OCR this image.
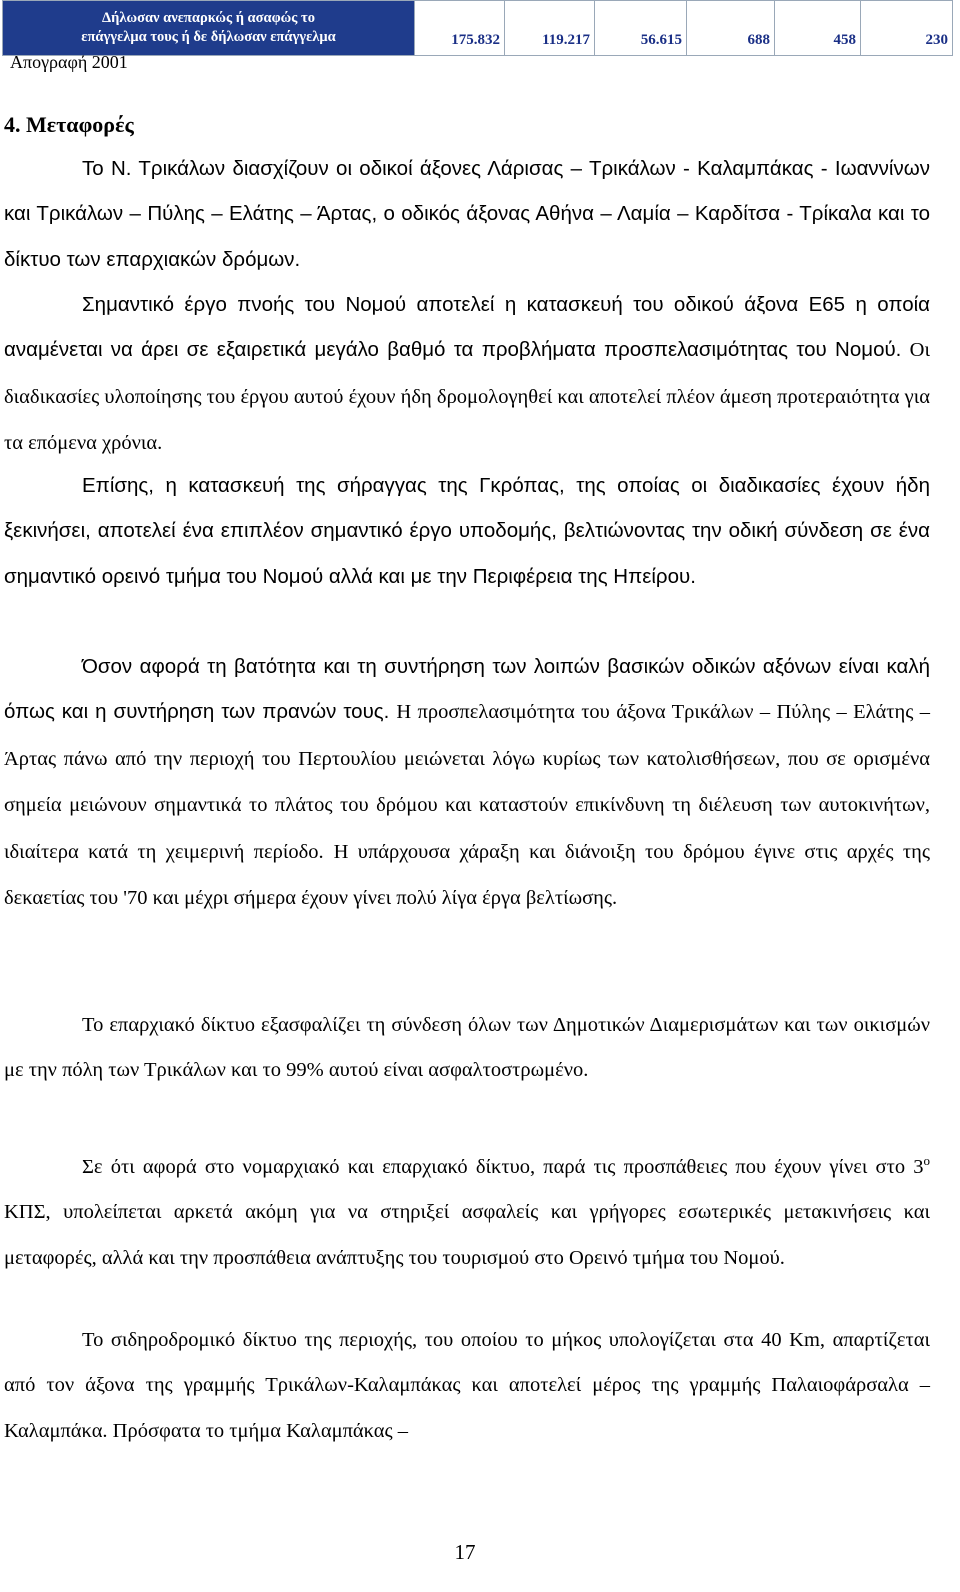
Δήλωσαν ανεπαρκώς ή ασαφώς το
επάγγελμα τους ή δε δήλωσαν επάγγελμα	175.832	119.217	56.615	688	458	230
Απογραφή 2001
4. Μεταφορές

Το Ν. Τρικάλων διασχίζουν οι οδικοί άξονες Λάρισας – Τρικάλων - Καλαμπάκας - Ιωαννίνων και Τρικάλων – Πύλης – Ελάτης – Άρτας, ο οδικός άξονας Αθήνα – Λαμία – Καρδίτσα - Τρίκαλα και το δίκτυο των επαρχιακών δρόμων.

Σημαντικό έργο πνοής του Νομού αποτελεί η κατασκευή του οδικού άξονα Ε65 η οποία αναμένεται να άρει σε εξαιρετικά μεγάλο βαθμό τα προβλήματα προσπελασιμότητας του Νομού. Οι διαδικασίες υλοποίησης του έργου αυτού έχουν ήδη δρομολογηθεί και αποτελεί πλέον άμεση προτεραιότητα για τα επόμενα χρόνια.

Επίσης, η κατασκευή της σήραγγας της Γκρόπας, της οποίας οι διαδικασίες έχουν ήδη ξεκινήσει, αποτελεί ένα επιπλέον σημαντικό έργο υποδομής, βελτιώνοντας την οδική σύνδεση σε ένα σημαντικό ορεινό τμήμα του Νομού αλλά και με την Περιφέρεια της Ηπείρου.

Όσον αφορά τη βατότητα και τη συντήρηση των λοιπών βασικών οδικών αξόνων είναι καλή όπως και η συντήρηση των πρανών τους. Η προσπελασιμότητα του άξονα Τρικάλων – Πύλης – Ελάτης – Άρτας πάνω από την περιοχή του Περτουλίου μειώνεται λόγω κυρίως των κατολισθήσεων, που σε ορισμένα σημεία μειώνουν σημαντικά το πλάτος του δρόμου και καταστούν επικίνδυνη τη διέλευση των αυτοκινήτων, ιδιαίτερα κατά τη χειμερινή περίοδο. Η υπάρχουσα χάραξη και διάνοιξη του δρόμου έγινε στις αρχές της δεκαετίας του '70 και μέχρι σήμερα έχουν γίνει πολύ λίγα έργα βελτίωσης.

Το επαρχιακό δίκτυο εξασφαλίζει τη σύνδεση όλων των Δημοτικών Διαμερισμάτων και των οικισμών με την πόλη των Τρικάλων και το 99% αυτού είναι ασφαλτοστρωμένο.

Σε ότι αφορά στο νομαρχιακό και επαρχιακό δίκτυο, παρά τις προσπάθειες που έχουν γίνει στο $3^o$ ΚΠΣ, υπολείπεται αρκετά ακόμη για να στηριξεί ασφαλείς και γρήγορες εσωτερικές μετακινήσεις και μεταφορές, αλλά και την προσπάθεια ανάπτυξης του τουρισμού στο Ορεινό τμήμα του Νομού.

Το σιδηροδρομικό δίκτυο της περιοχής, του οποίου το μήκος υπολογίζεται στα 40 Km, απαρτίζεται από τον άξονα της γραμμής Τρικάλων-Καλαμπάκας και αποτελεί μέρος της γραμμής Παλαιοφάρσαλα – Καλαμπάκα. Πρόσφατα το τμήμα Καλαμπάκας –

17
